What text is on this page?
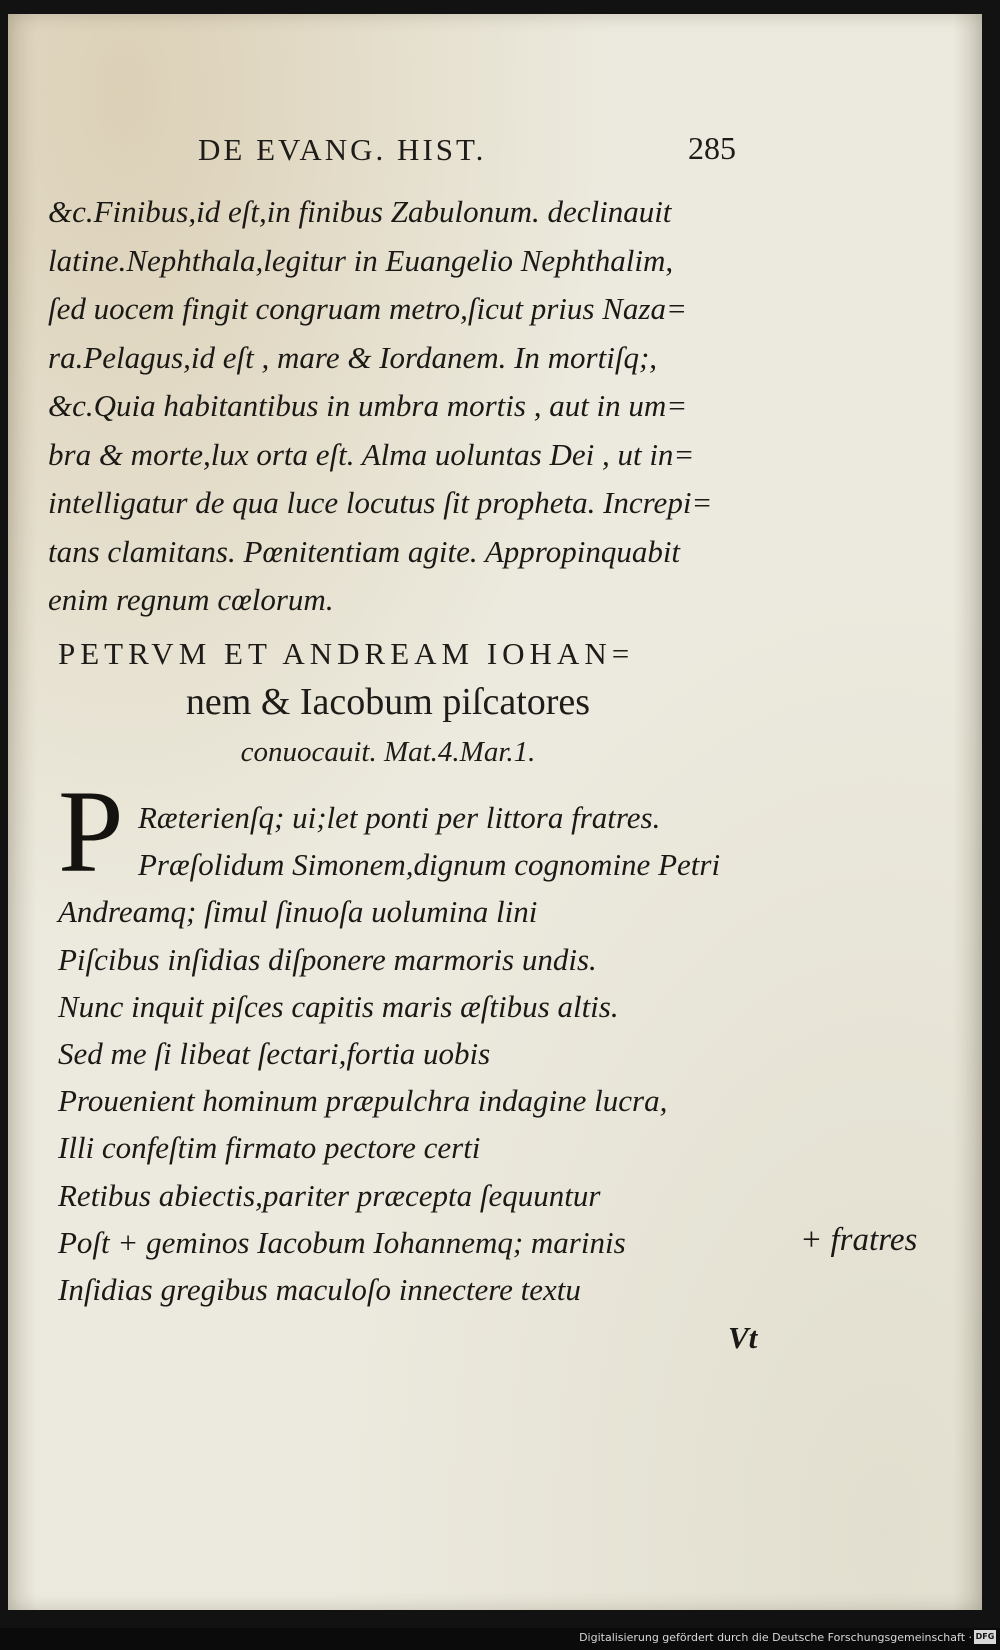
DE EVANG. HIST.	285
&c.Finibus,id eſt,in finibus Zabulonum. declinauit
latine.Nephthala,legitur in Euangelio Nephthalim,
ſed uocem fingit congruam metro,ſicut prius Naza=
ra.Pelagus,id eſt , mare & Iordanem. In mortiſq;,
&c.Quia habitantibus in umbra mortis , aut in um=
bra & morte,lux orta eſt. Alma uoluntas Dei , ut in=
intelligatur de qua luce locutus ſit propheta. Increpi=
tans clamitans. Pœnitentiam agite. Appropinquabit
enim regnum cœlorum.
PETRVM ET ANDREAM IOHAN=
nem & Iacobum piſcatores
conuocauit. Mat.4.Mar.1.
P Ræterienſq; ui;let ponti per littora fratres.
Præſolidum Simonem,dignum cognomine Petri
Andreamq; ſimul ſinuoſa uolumina lini
Piſcibus inſidias diſponere marmoris undis.
Nunc inquit piſces capitis maris æſtibus altis.
Sed me ſi libeat ſectari,fortia uobis
Prouenient hominum præpulchra indagine lucra,
Illi confeſtim firmato pectore certi
Retibus abiectis,pariter præcepta ſequuntur
Poſt + geminos Iacobum Iohannemq; marinis
Inſidias gregibus maculoſo innectere textu
+ fratres
Vt
Digitalisierung gefördert durch die Deutsche Forschungsgemeinschaft · DFG
